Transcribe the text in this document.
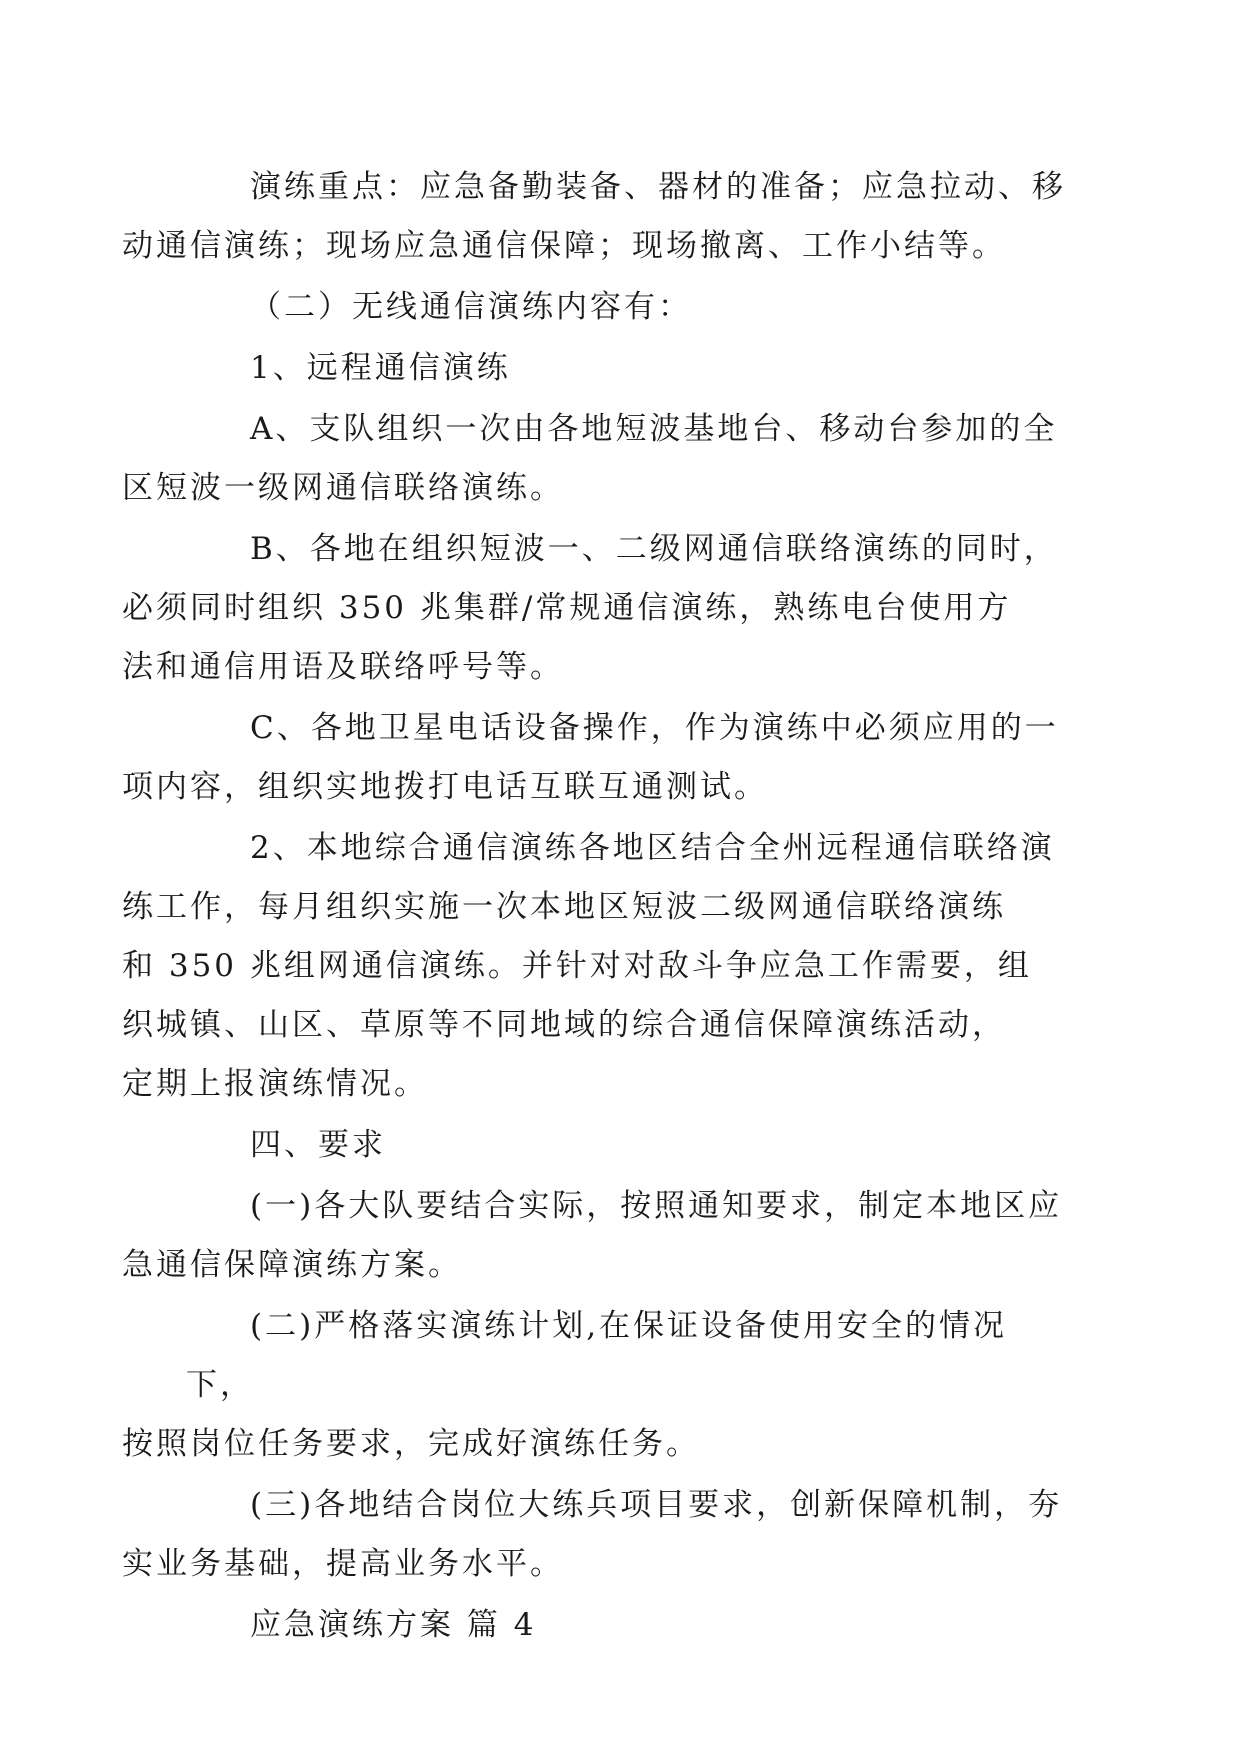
演练重点：应急备勤装备、器材的准备；应急拉动、移
动通信演练；现场应急通信保障；现场撤离、工作小结等。

（二）无线通信演练内容有：

1、远程通信演练

A、支队组织一次由各地短波基地台、移动台参加的全
区短波一级网通信联络演练。

B、各地在组织短波一、二级网通信联络演练的同时，
必须同时组织 350 兆集群/常规通信演练，熟练电台使用方
法和通信用语及联络呼号等。

C、各地卫星电话设备操作，作为演练中必须应用的一
项内容，组织实地拨打电话互联互通测试。

2、本地综合通信演练各地区结合全州远程通信联络演
练工作，每月组织实施一次本地区短波二级网通信联络演练
和 350 兆组网通信演练。并针对对敌斗争应急工作需要，组
织城镇、山区、草原等不同地域的综合通信保障演练活动，
定期上报演练情况。

四、要求

(一)各大队要结合实际，按照通知要求，制定本地区应
急通信保障演练方案。

(二)严格落实演练计划,在保证设备使用安全的情况下，
按照岗位任务要求，完成好演练任务。

(三)各地结合岗位大练兵项目要求，创新保障机制，夯
实业务基础，提高业务水平。

应急演练方案 篇 4
